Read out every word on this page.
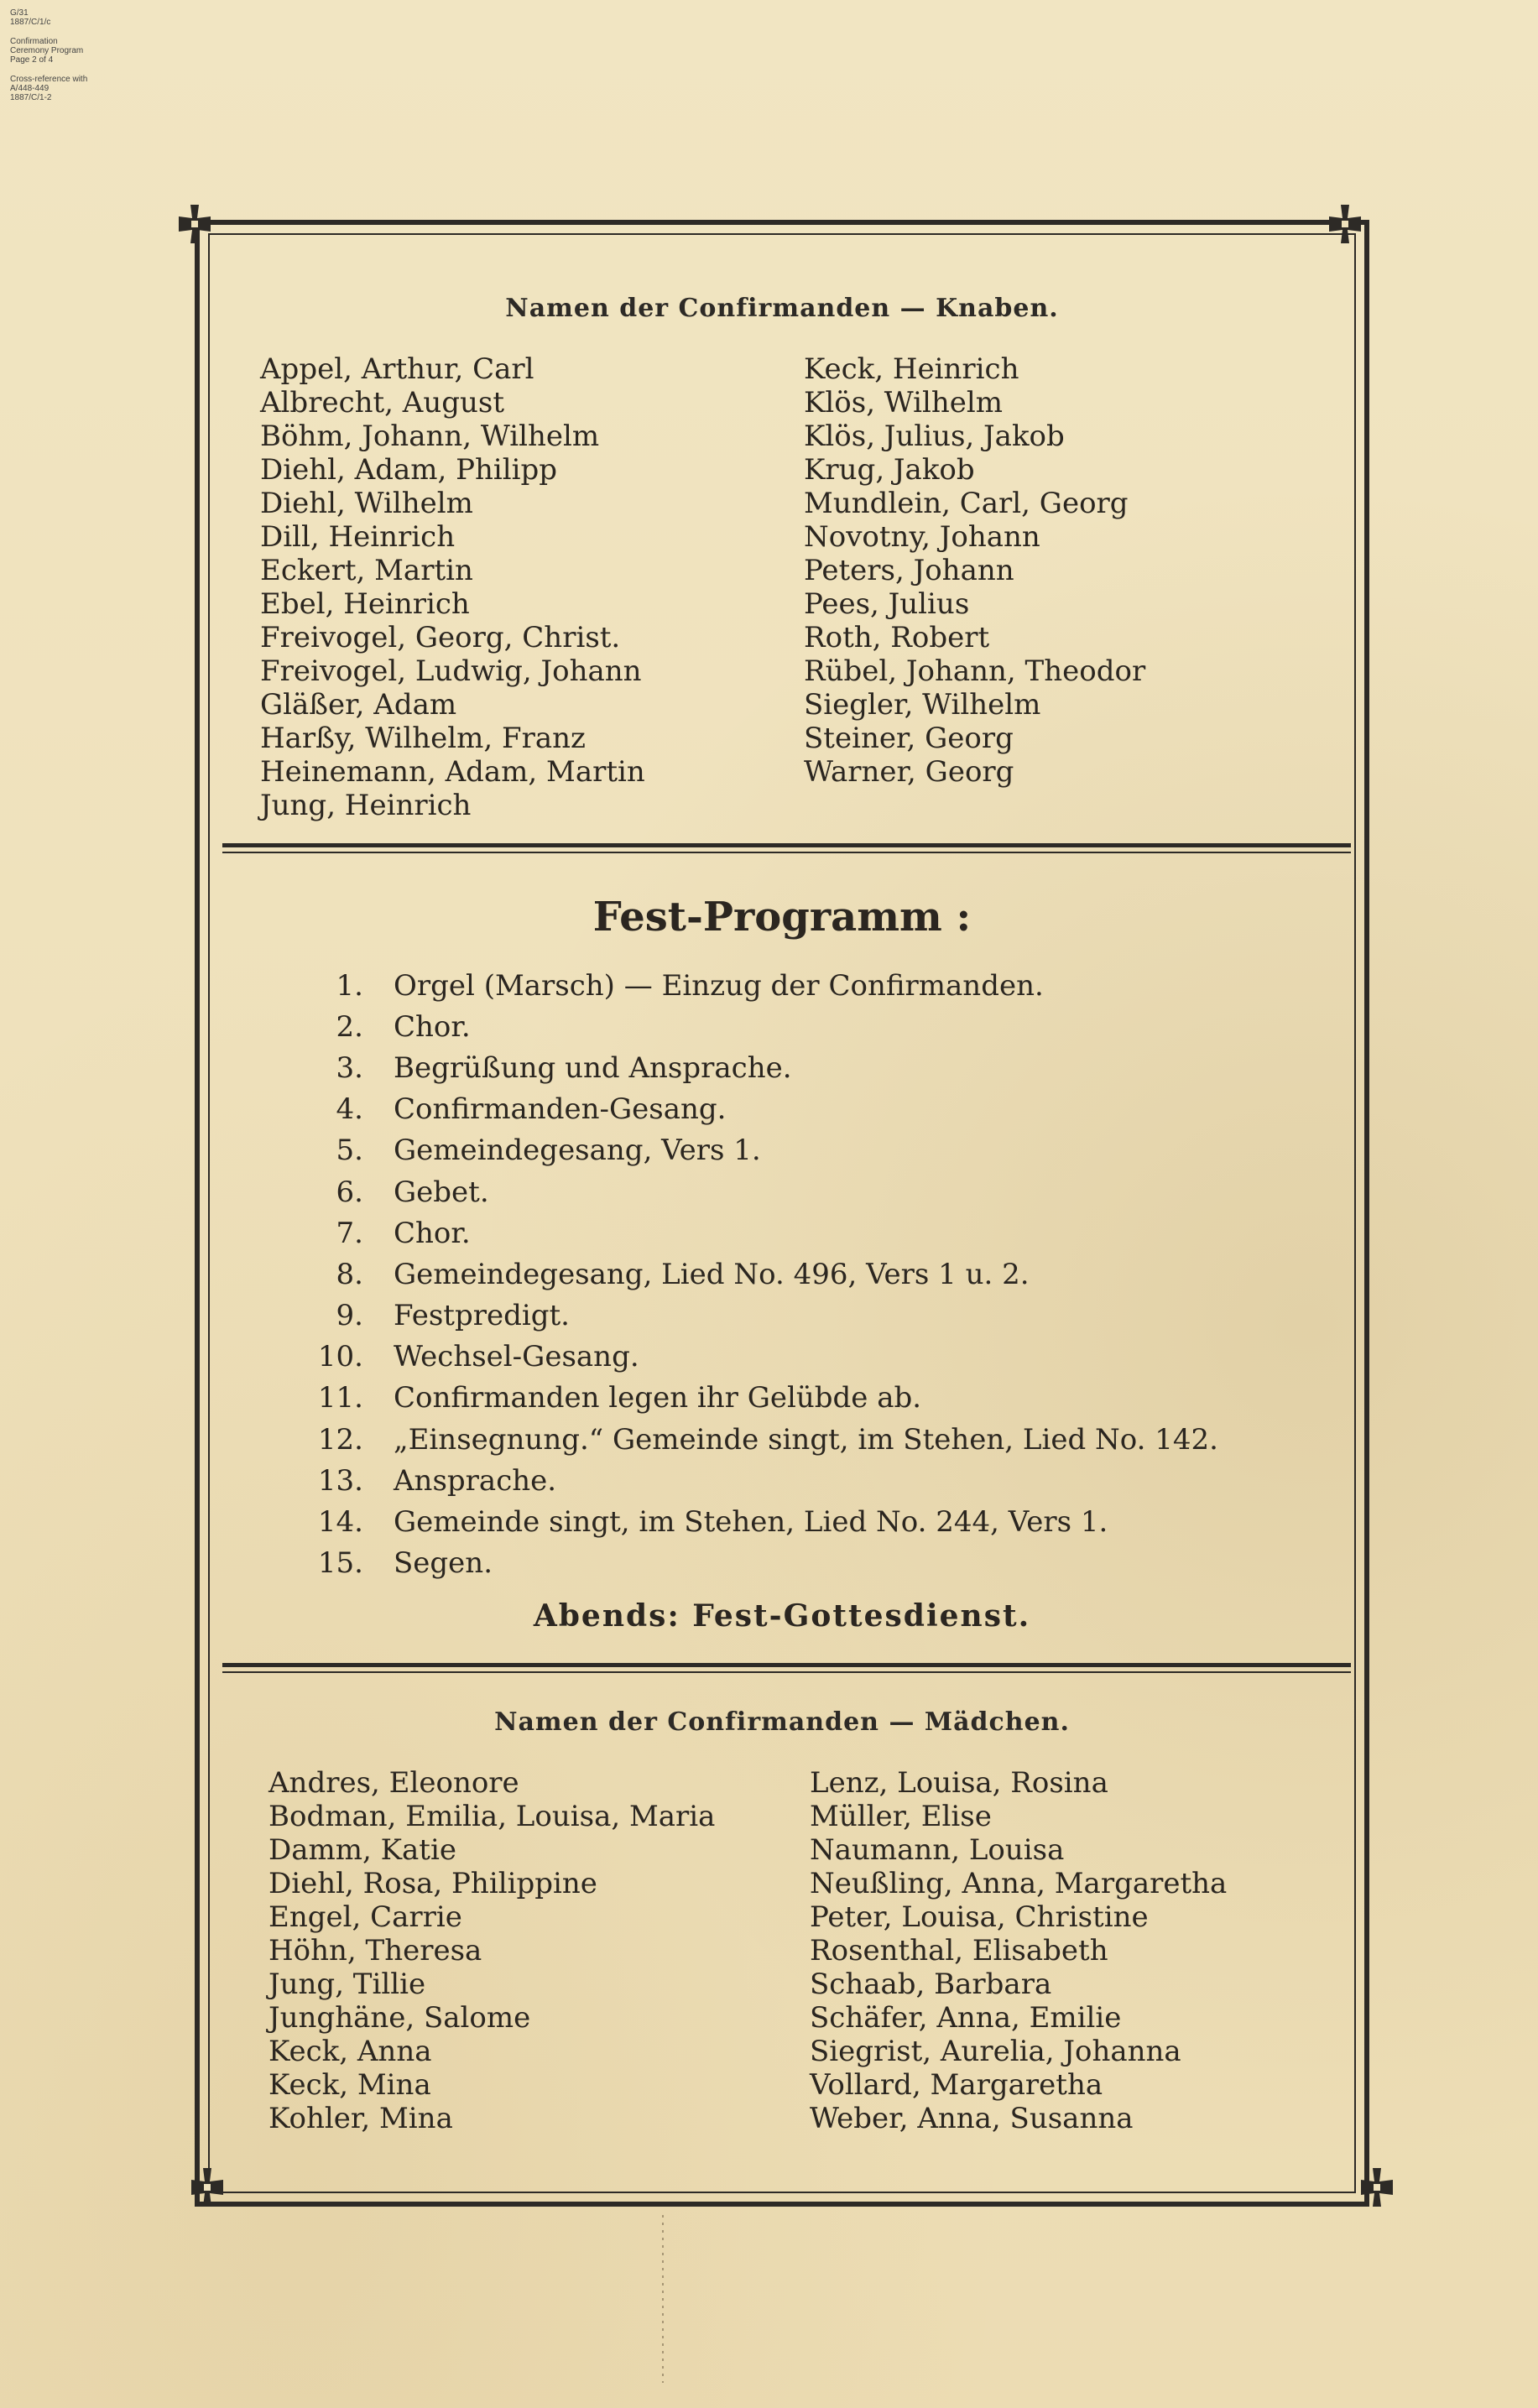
G/31
1887/C/1/c
Confirmation
Ceremony Program
Page 2 of 4
Cross-reference with
A/448-449
1887/C/1-2
Namen der Confirmanden — Knaben.
Appel, Arthur, Carl
Albrecht, August
Böhm, Johann, Wilhelm
Diehl, Adam, Philipp
Diehl, Wilhelm
Dill, Heinrich
Eckert, Martin
Ebel, Heinrich
Freivogel, Georg, Christ.
Freivogel, Ludwig, Johann
Gläßer, Adam
Harßy, Wilhelm, Franz
Heinemann, Adam, Martin
Jung, Heinrich
Keck, Heinrich
Klös, Wilhelm
Klös, Julius, Jakob
Krug, Jakob
Mundlein, Carl, Georg
Novotny, Johann
Peters, Johann
Pees, Julius
Roth, Robert
Rübel, Johann, Theodor
Siegler, Wilhelm
Steiner, Georg
Warner, Georg
Fest-Programm :
1. Orgel (Marsch) — Einzug der Confirmanden.
2. Chor.
3. Begrüßung und Ansprache.
4. Confirmanden-Gesang.
5. Gemeindegesang, Vers 1.
6. Gebet.
7. Chor.
8. Gemeindegesang, Lied No. 496, Vers 1 u. 2.
9. Festpredigt.
10. Wechsel-Gesang.
11. Confirmanden legen ihr Gelübde ab.
12. „Einsegnung.“ Gemeinde singt, im Stehen, Lied No. 142.
13. Ansprache.
14. Gemeinde singt, im Stehen, Lied No. 244, Vers 1.
15. Segen.
Abends: Fest-Gottesdienst.
Namen der Confirmanden — Mädchen.
Andres, Eleonore
Bodman, Emilia, Louisa, Maria
Damm, Katie
Diehl, Rosa, Philippine
Engel, Carrie
Höhn, Theresa
Jung, Tillie
Junghäne, Salome
Keck, Anna
Keck, Mina
Kohler, Mina
Lenz, Louisa, Rosina
Müller, Elise
Naumann, Louisa
Neußling, Anna, Margaretha
Peter, Louisa, Christine
Rosenthal, Elisabeth
Schaab, Barbara
Schäfer, Anna, Emilie
Siegrist, Aurelia, Johanna
Vollard, Margaretha
Weber, Anna, Susanna
